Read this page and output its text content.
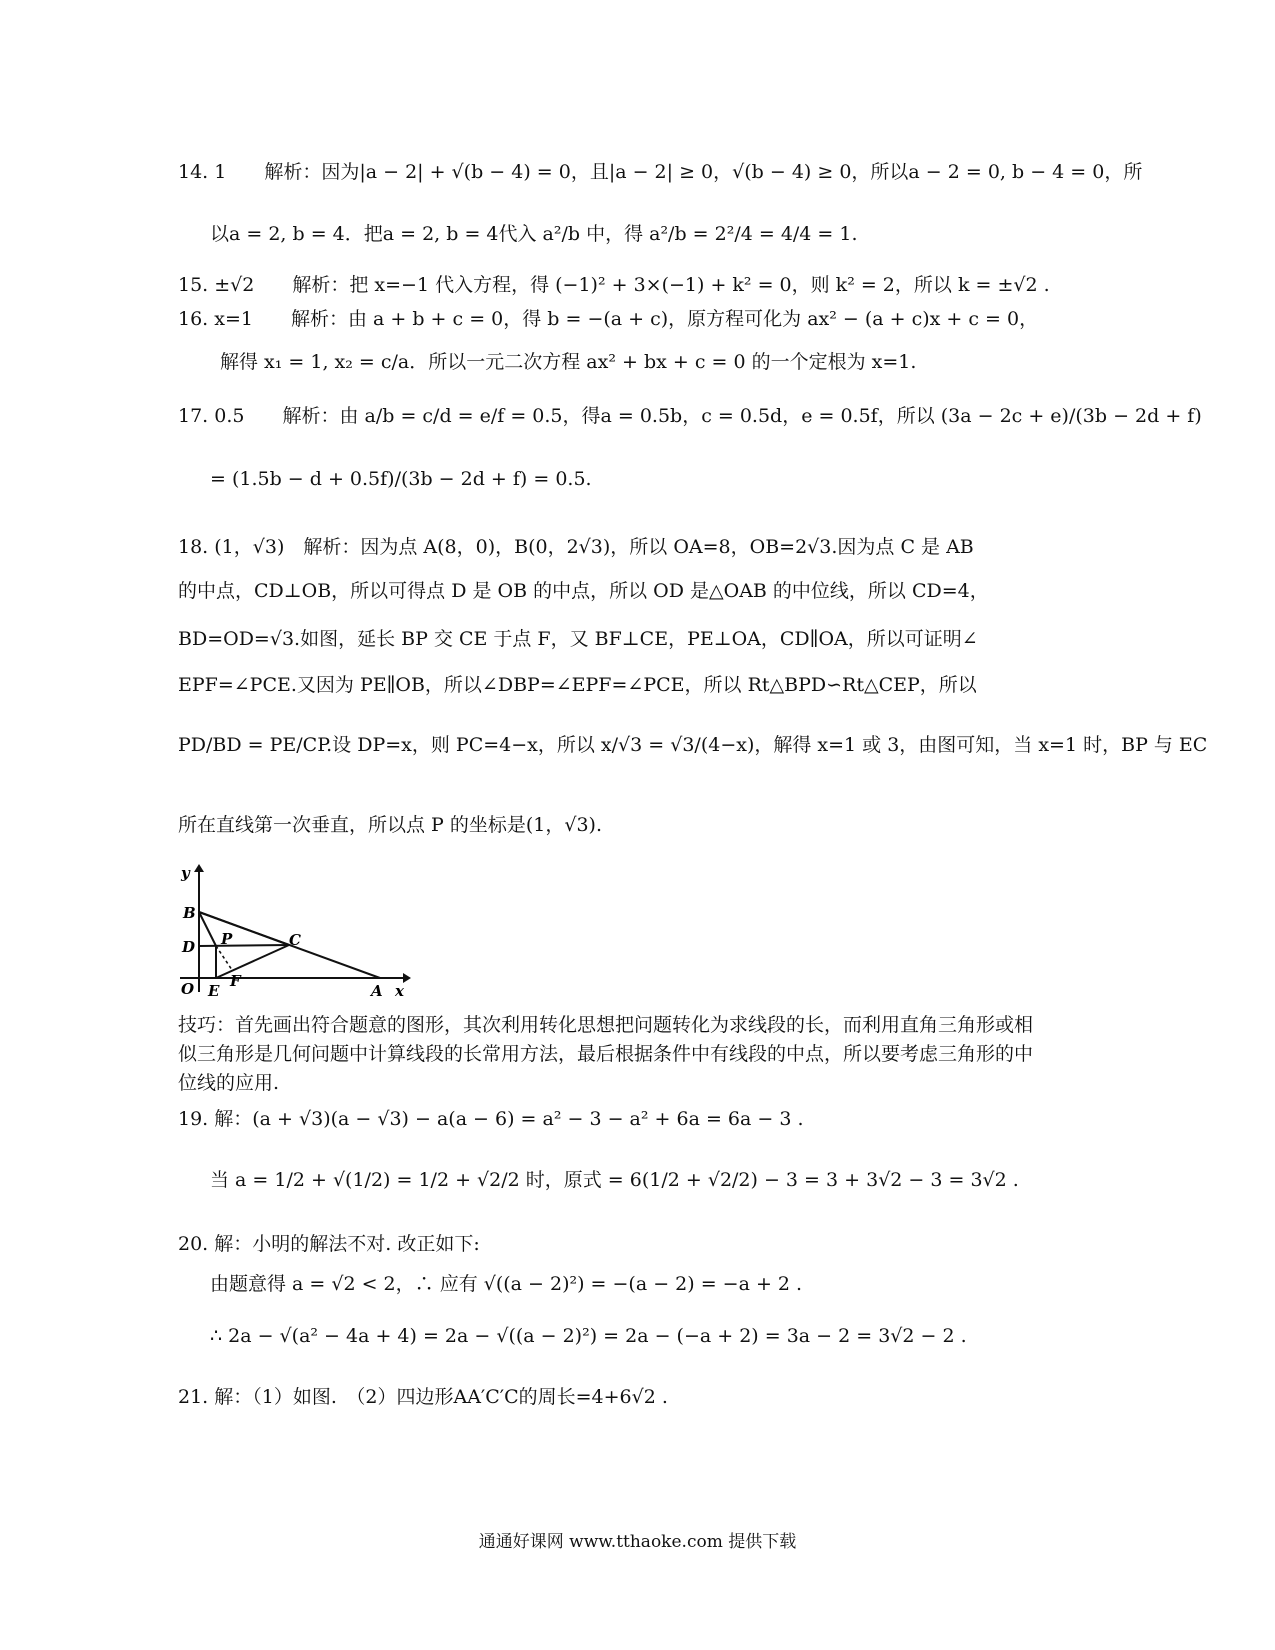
14. 1　　解析：因为|a − 2| + √(b − 4) = 0，且|a − 2| ≥ 0，√(b − 4) ≥ 0，所以a − 2 = 0, b − 4 = 0，所
以a = 2, b = 4．把a = 2, b = 4代入 a²/b 中，得 a²/b = 2²/4 = 4/4 = 1.
15. ±√2　　解析：把 x=−1 代入方程，得 (−1)² + 3×(−1) + k² = 0，则 k² = 2，所以 k = ±√2 .
16. x=1　　解析：由 a + b + c = 0，得 b = −(a + c)，原方程可化为 ax² − (a + c)x + c = 0，
解得 x₁ = 1, x₂ = c/a．所以一元二次方程 ax² + bx + c = 0 的一个定根为 x=1.
17. 0.5　　解析：由 a/b = c/d = e/f = 0.5，得a = 0.5b，c = 0.5d，e = 0.5f，所以 (3a − 2c + e)/(3b − 2d + f)
= (1.5b − d + 0.5f)/(3b − 2d + f) = 0.5.
18. (1，√3)　解析：因为点 A(8，0)，B(0，2√3)，所以 OA=8，OB=2√3.因为点 C 是 AB
的中点，CD⊥OB，所以可得点 D 是 OB 的中点，所以 OD 是△OAB 的中位线，所以 CD=4，
BD=OD=√3.如图，延长 BP 交 CE 于点 F，又 BF⊥CE，PE⊥OA，CD∥OA，所以可证明∠
EPF=∠PCE.又因为 PE∥OB，所以∠DBP=∠EPF=∠PCE，所以 Rt△BPD∽Rt△CEP，所以
PD/BD = PE/CP.设 DP=x，则 PC=4−x，所以 x/√3 = √3/(4−x)，解得 x=1 或 3，由图可知，当 x=1 时，BP 与 EC
所在直线第一次垂直，所以点 P 的坐标是(1，√3).
y
B
D P	C
O E
F
A x
技巧：首先画出符合题意的图形，其次利用转化思想把问题转化为求线段的长，而利用直角三角形或相似三角形是几何问题中计算线段的长常用方法，最后根据条件中有线段的中点，所以要考虑三角形的中位线的应用.
19. 解：(a + √3)(a − √3) − a(a − 6) = a² − 3 − a² + 6a = 6a − 3 .
当 a = 1/2 + √(1/2) = 1/2 + √2/2 时，原式 = 6(1/2 + √2/2) − 3 = 3 + 3√2 − 3 = 3√2 .
20. 解：小明的解法不对. 改正如下:
由题意得 a = √2 < 2，∴ 应有 √((a − 2)²) = −(a − 2) = −a + 2 .
∴ 2a − √(a² − 4a + 4) = 2a − √((a − 2)²) = 2a − (−a + 2) = 3a − 2 = 3√2 − 2 .
21. 解：（1）如图.　（2）四边形AA′C′C的周长=4+6√2 .
通通好课网 www.tthaoke.com 提供下载
